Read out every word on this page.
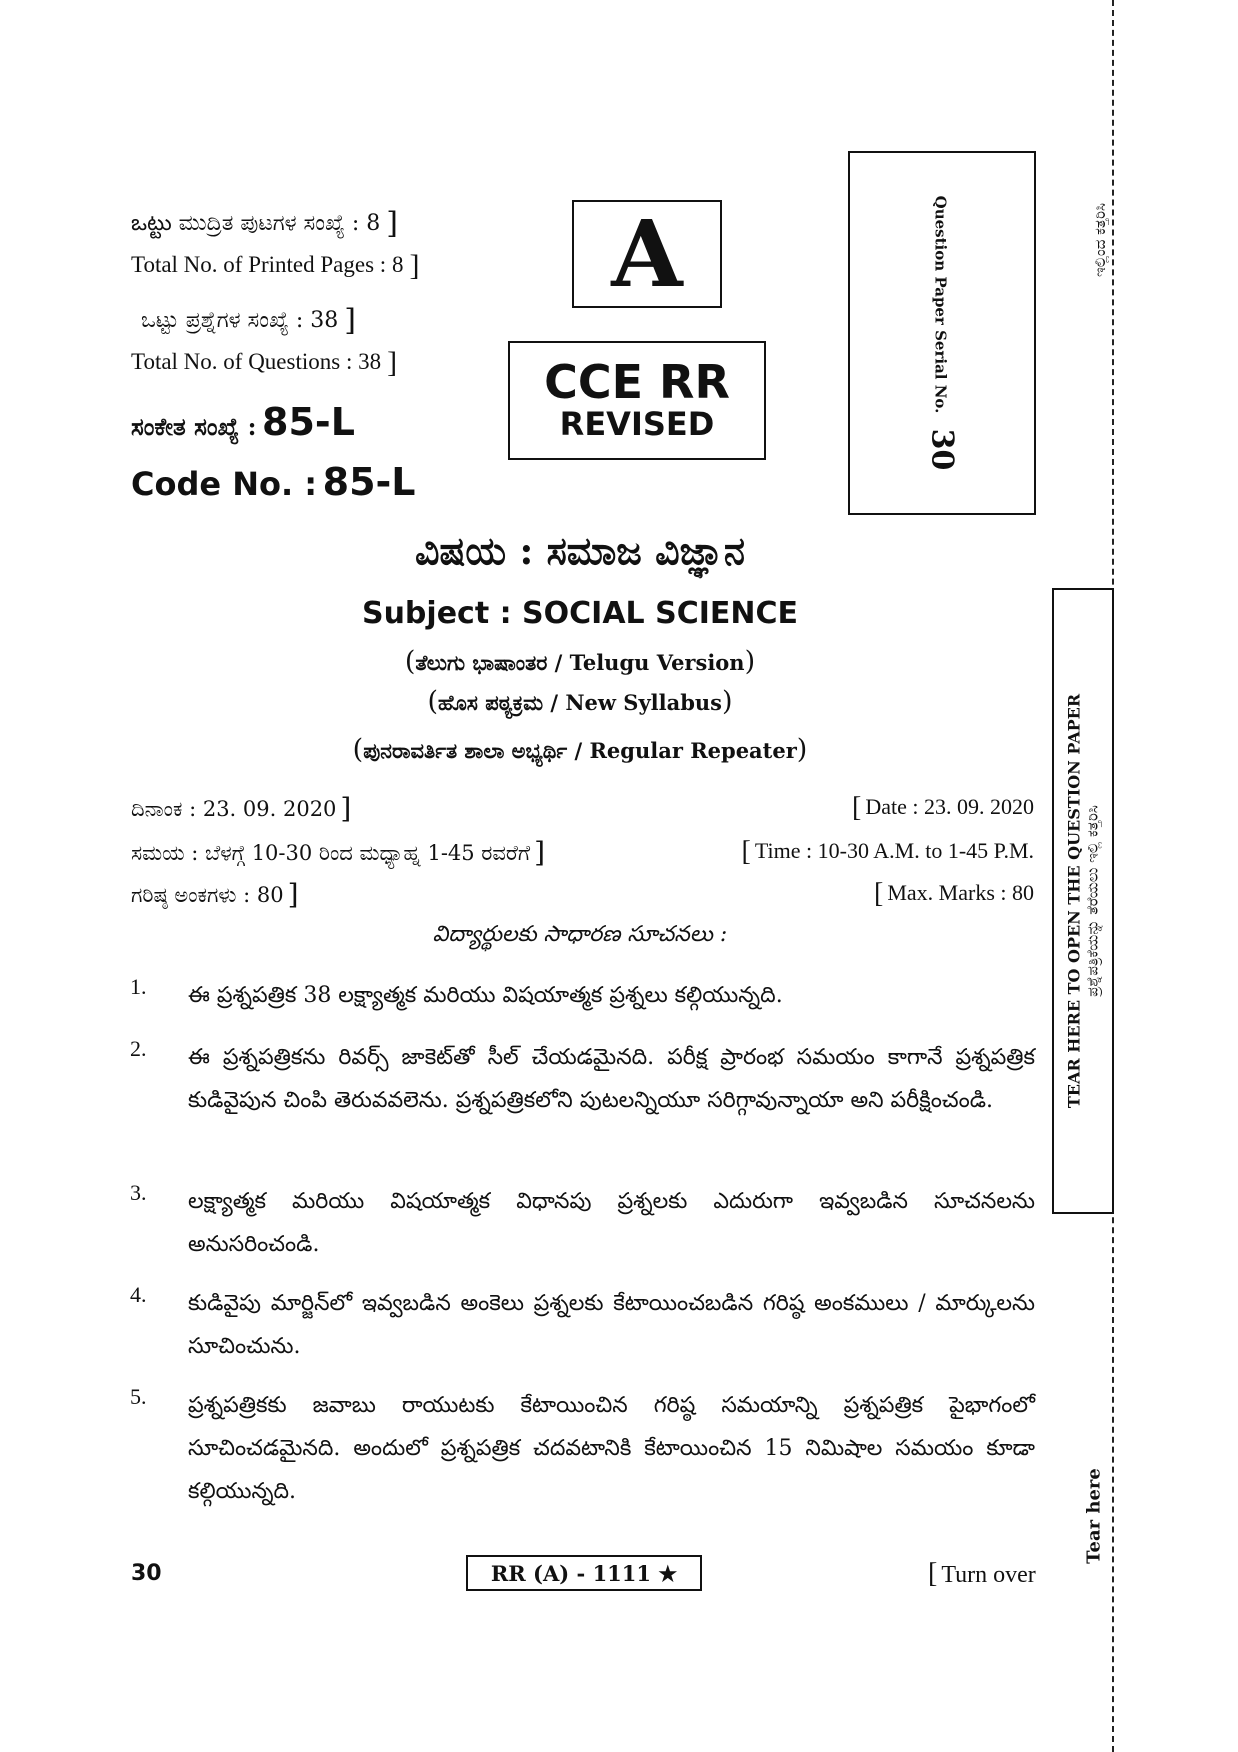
ಇಲ್ಲಿಂದ ಕತ್ತರಿಸಿ
TEAR HERE TO OPEN THE QUESTION PAPER ಪ್ರಶ್ನೆಪತ್ರಿಕೆಯನ್ನು ತೆರೆಯಲು ಇಲ್ಲಿ ಕತ್ತರಿಸಿ
Tear here
ఒట్టు ಮುದ್ರಿತ ಪುಟಗಳ ಸಂಖ್ಯೆ : 8 ]
Total No. of Printed Pages : 8 ]
ಒಟ್ಟು ಪ್ರಶ್ನೆಗಳ ಸಂಖ್ಯೆ : 38 ]
Total No. of Questions : 38 ]
ಸಂಕೇತ ಸಂಖ್ಯೆ : 85-L
Code No. : 85-L
A
CCE RR
REVISED
Question Paper Serial No. 30
ವಿಷಯ : ಸಮಾಜ ವಿಜ್ಞಾನ
Subject : SOCIAL SCIENCE
(ತೆಲುಗು ಭಾಷಾಂತರ / Telugu Version)
(ಹೊಸ ಪಠ್ಯಕ್ರಮ / New Syllabus)
(ಪುನರಾವರ್ತಿತ ಶಾಲಾ ಅಭ್ಯರ್ಥಿ / Regular Repeater)
ದಿನಾಂಕ : 23. 09. 2020 ]	[ Date : 23. 09. 2020
ಸಮಯ : ಬೆಳಗ್ಗೆ 10-30 ರಿಂದ ಮಧ್ಯಾಹ್ನ 1-45 ರವರೆಗೆ ]	[ Time : 10-30 A.M. to 1-45 P.M.
ಗರಿಷ್ಠ ಅಂಕಗಳು : 80 ]	[ Max. Marks : 80
విద్యార్థులకు సాధారణ సూచనలు :
1. ఈ ప్రశ్నపత్రిక 38 లక్ష్యాత్మక మరియు విషయాత్మక ప్రశ్నలు కల్గియున్నది.
2. ఈ ప్రశ్నపత్రికను రివర్స్ జాకెట్‌తో సీల్ చేయడమైనది. పరీక్ష ప్రారంభ సమయం కాగానే ప్రశ్నపత్రిక కుడివైపున చింపి తెరువవలెను. ప్రశ్నపత్రికలోని పుటలన్నియూ సరిగ్గావున్నాయా అని పరీక్షించండి.
3. లక్ష్యాత్మక మరియు విషయాత్మక విధానపు ప్రశ్నలకు ఎదురుగా ఇవ్వబడిన సూచనలను అనుసరించండి.
4. కుడివైపు మార్జిన్‌లో ఇవ్వబడిన అంకెలు ప్రశ్నలకు కేటాయించబడిన గరిష్ఠ అంకములు / మార్కులను సూచించును.
5. ప్రశ్నపత్రికకు జవాబు రాయుటకు కేటాయించిన గరిష్ఠ సమయాన్ని ప్రశ్నపత్రిక పైభాగంలో సూచించడమైనది. అందులో ప్రశ్నపత్రిక చదవటానికి కేటాయించిన 15 నిమిషాల సమయం కూడా కల్గియున్నది.
30	RR (A) - 1111 ★	[ Turn over
